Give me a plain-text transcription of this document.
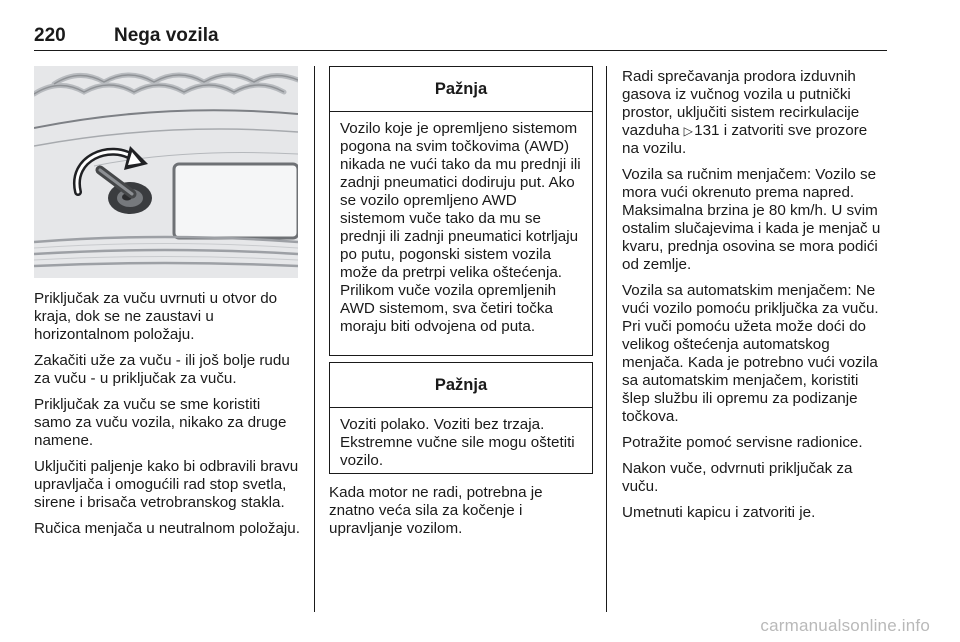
220	Nega vozila

Priključak za vuču uvrnuti u otvor do kraja, dok se ne zaustavi u horizontalnom položaju.

Zakačiti uže za vuču - ili još bolje rudu za vuču - u priključak za vuču.

Priključak za vuču se sme koristiti samo za vuču vozila, nikako za druge namene.

Uključiti paljenje kako bi odbravili bravu upravljača i omogućili rad stop svetla, sirene i brisača vetrobranskog stakla.

Ručica menjača u neutralnom položaju.

Pažnja
Vozilo koje je opremljeno sistemom pogona na svim točkovima (AWD) nikada ne vući tako da mu prednji ili zadnji pneumatici dodiruju put. Ako se vozilo opremljeno AWD sistemom vuče tako da mu se prednji ili zadnji pneumatici kotrljaju po putu, pogonski sistem vozila može da pretrpi velika oštećenja. Prilikom vuče vozila opremljenih AWD sistemom, sva četiri točka moraju biti odvojena od puta.
Pažnja
Voziti polako. Voziti bez trzaja. Ekstremne vučne sile mogu oštetiti vozilo.

Kada motor ne radi, potrebna je znatno veća sila za kočenje i upravljanje vozilom.

Radi sprečavanja prodora izduvnih gasova iz vučnog vozila u putnički prostor, uključiti sistem recirkulacije vazduha ▷ 131 i zatvoriti sve prozore na vozilu.

Vozila sa ručnim menjačem: Vozilo se mora vući okrenuto prema napred. Maksimalna brzina je 80 km/h. U svim ostalim slučajevima i kada je menjač u kvaru, prednja osovina se mora podići od zemlje.

Vozila sa automatskim menjačem: Ne vući vozilo pomoću priključka za vuču. Pri vuči pomoću užeta može doći do velikog oštećenja automatskog menjača. Kada je potrebno vući vozila sa automatskim menjačem, koristiti šlep službu ili opremu za podizanje točkova.

Potražite pomoć servisne radionice.

Nakon vuče, odvrnuti priključak za vuču.

Umetnuti kapicu i zatvoriti je.

carmanualsonline.info
